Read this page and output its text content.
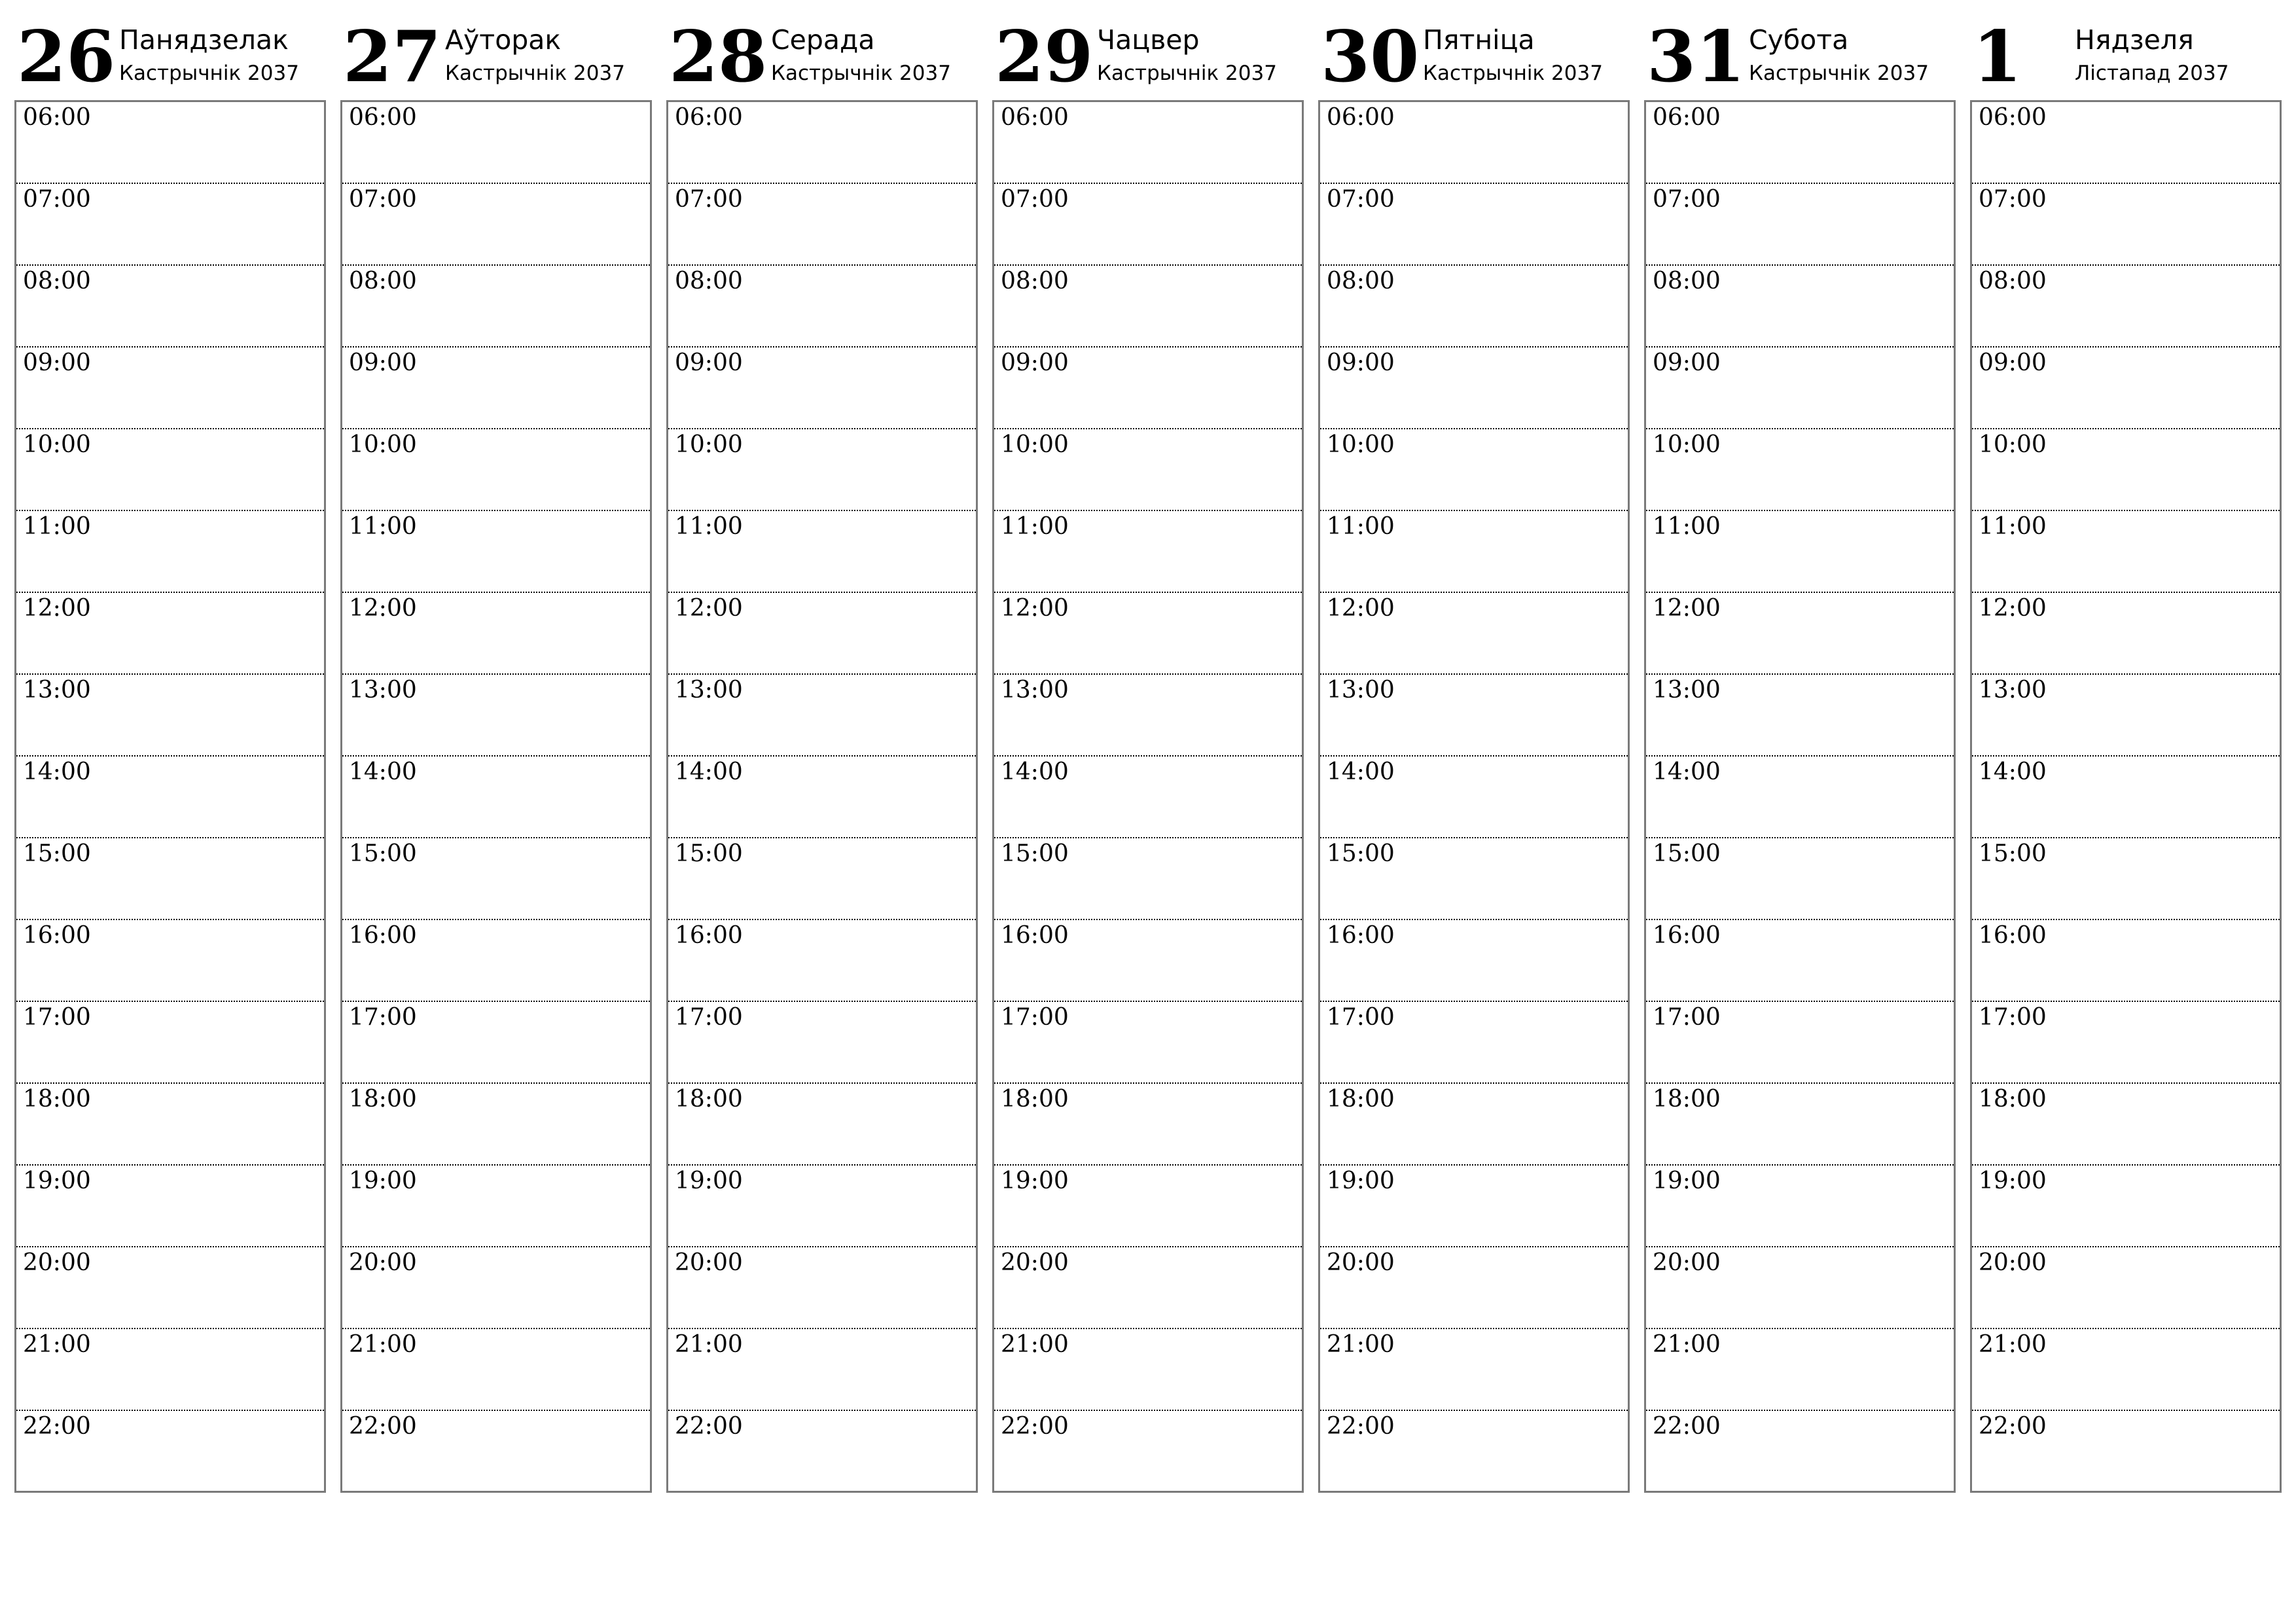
26 Панядзелак
Кастрычнік 2037
06:00
07:00
08:00
09:00
10:00
11:00
12:00
13:00
14:00
15:00
16:00
17:00
18:00
19:00
20:00
21:00
22:00
27 Аўторак
Кастрычнік 2037
06:00
07:00
08:00
09:00
10:00
11:00
12:00
13:00
14:00
15:00
16:00
17:00
18:00
19:00
20:00
21:00
22:00
28 Серада
Кастрычнік 2037
06:00
07:00
08:00
09:00
10:00
11:00
12:00
13:00
14:00
15:00
16:00
17:00
18:00
19:00
20:00
21:00
22:00
29 Чацвер
Кастрычнік 2037
06:00
07:00
08:00
09:00
10:00
11:00
12:00
13:00
14:00
15:00
16:00
17:00
18:00
19:00
20:00
21:00
22:00
30 Пятніца
Кастрычнік 2037
06:00
07:00
08:00
09:00
10:00
11:00
12:00
13:00
14:00
15:00
16:00
17:00
18:00
19:00
20:00
21:00
22:00
31 Субота
Кастрычнік 2037
06:00
07:00
08:00
09:00
10:00
11:00
12:00
13:00
14:00
15:00
16:00
17:00
18:00
19:00
20:00
21:00
22:00
1 Нядзеля
Лістапад 2037
06:00
07:00
08:00
09:00
10:00
11:00
12:00
13:00
14:00
15:00
16:00
17:00
18:00
19:00
20:00
21:00
22:00
